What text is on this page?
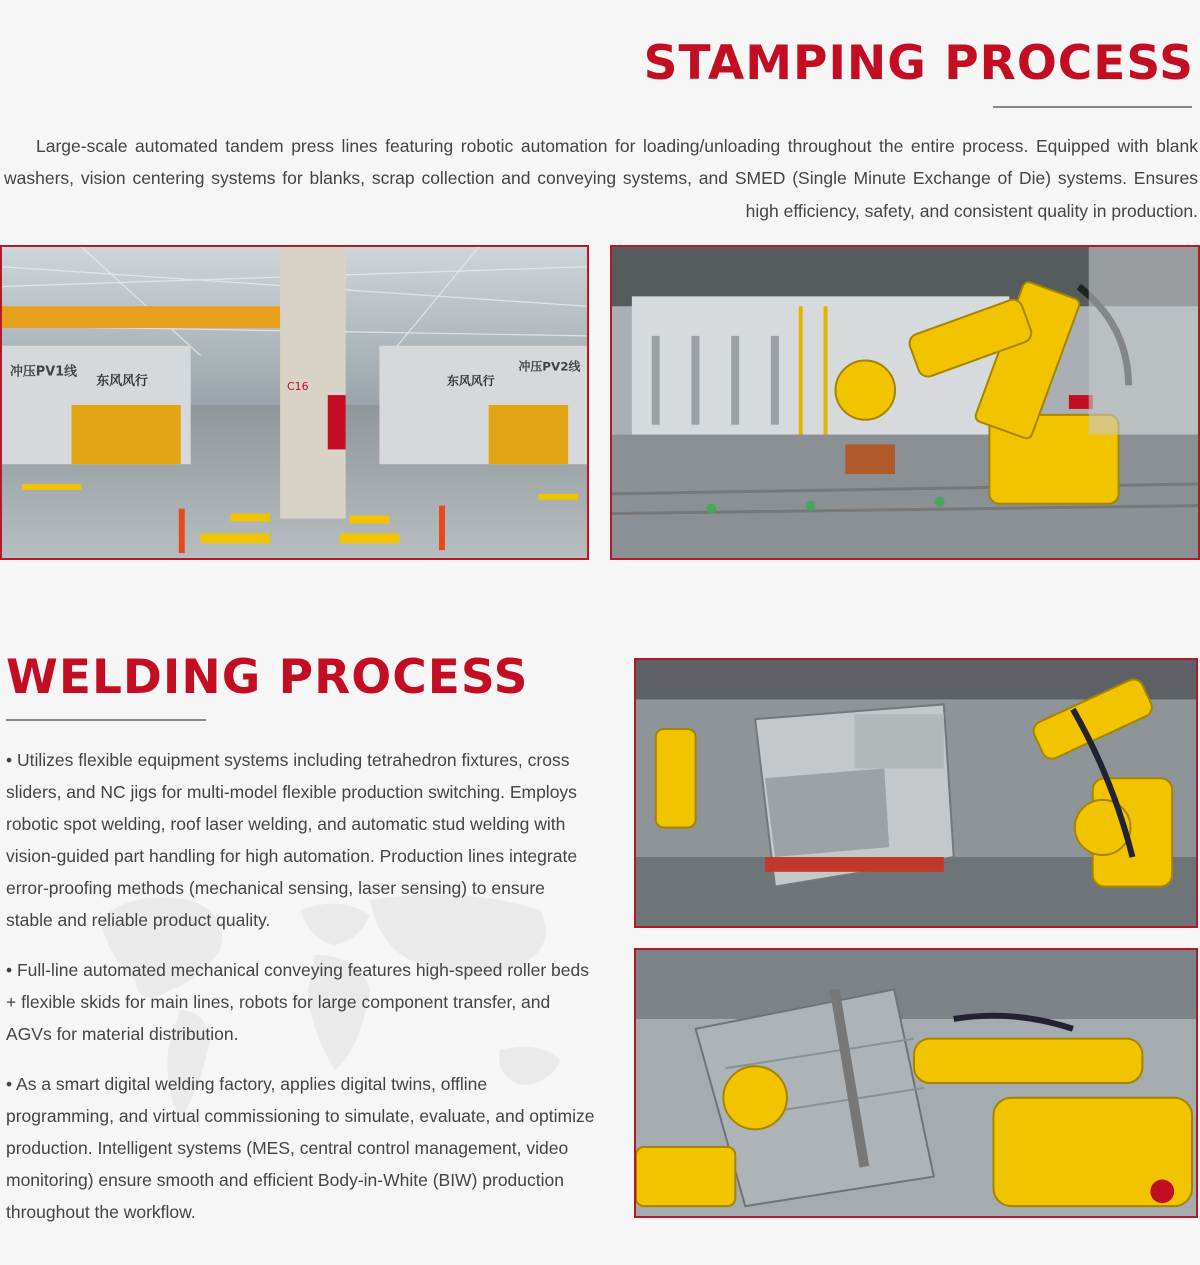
STAMPING PROCESS

Large-scale automated tandem press lines featuring robotic automation for loading/unloading throughout the entire process. Equipped with blank washers, vision centering systems for blanks, scrap collection and conveying systems, and SMED (Single Minute Exchange of Die) systems. Ensures high efficiency, safety, and consistent quality in production.

冲压PV1线
东风风行
冲压PV2线
东风风行
C16
WELDING PROCESS

• Utilizes flexible equipment systems including tetrahedron fixtures, cross sliders, and NC jigs for multi-model flexible production switching. Employs robotic spot welding, roof laser welding, and automatic stud welding with vision-guided part handling for high automation. Production lines integrate error-proofing methods (mechanical sensing, laser sensing) to ensure stable and reliable product quality.

• Full-line automated mechanical conveying features high-speed roller beds + flexible skids for main lines, robots for large component transfer, and AGVs for material distribution.

• As a smart digital welding factory, applies digital twins, offline programming, and virtual commissioning to simulate, evaluate, and optimize production. Intelligent systems (MES, central control management, video monitoring) ensure smooth and efficient Body-in-White (BIW) production throughout the workflow.
